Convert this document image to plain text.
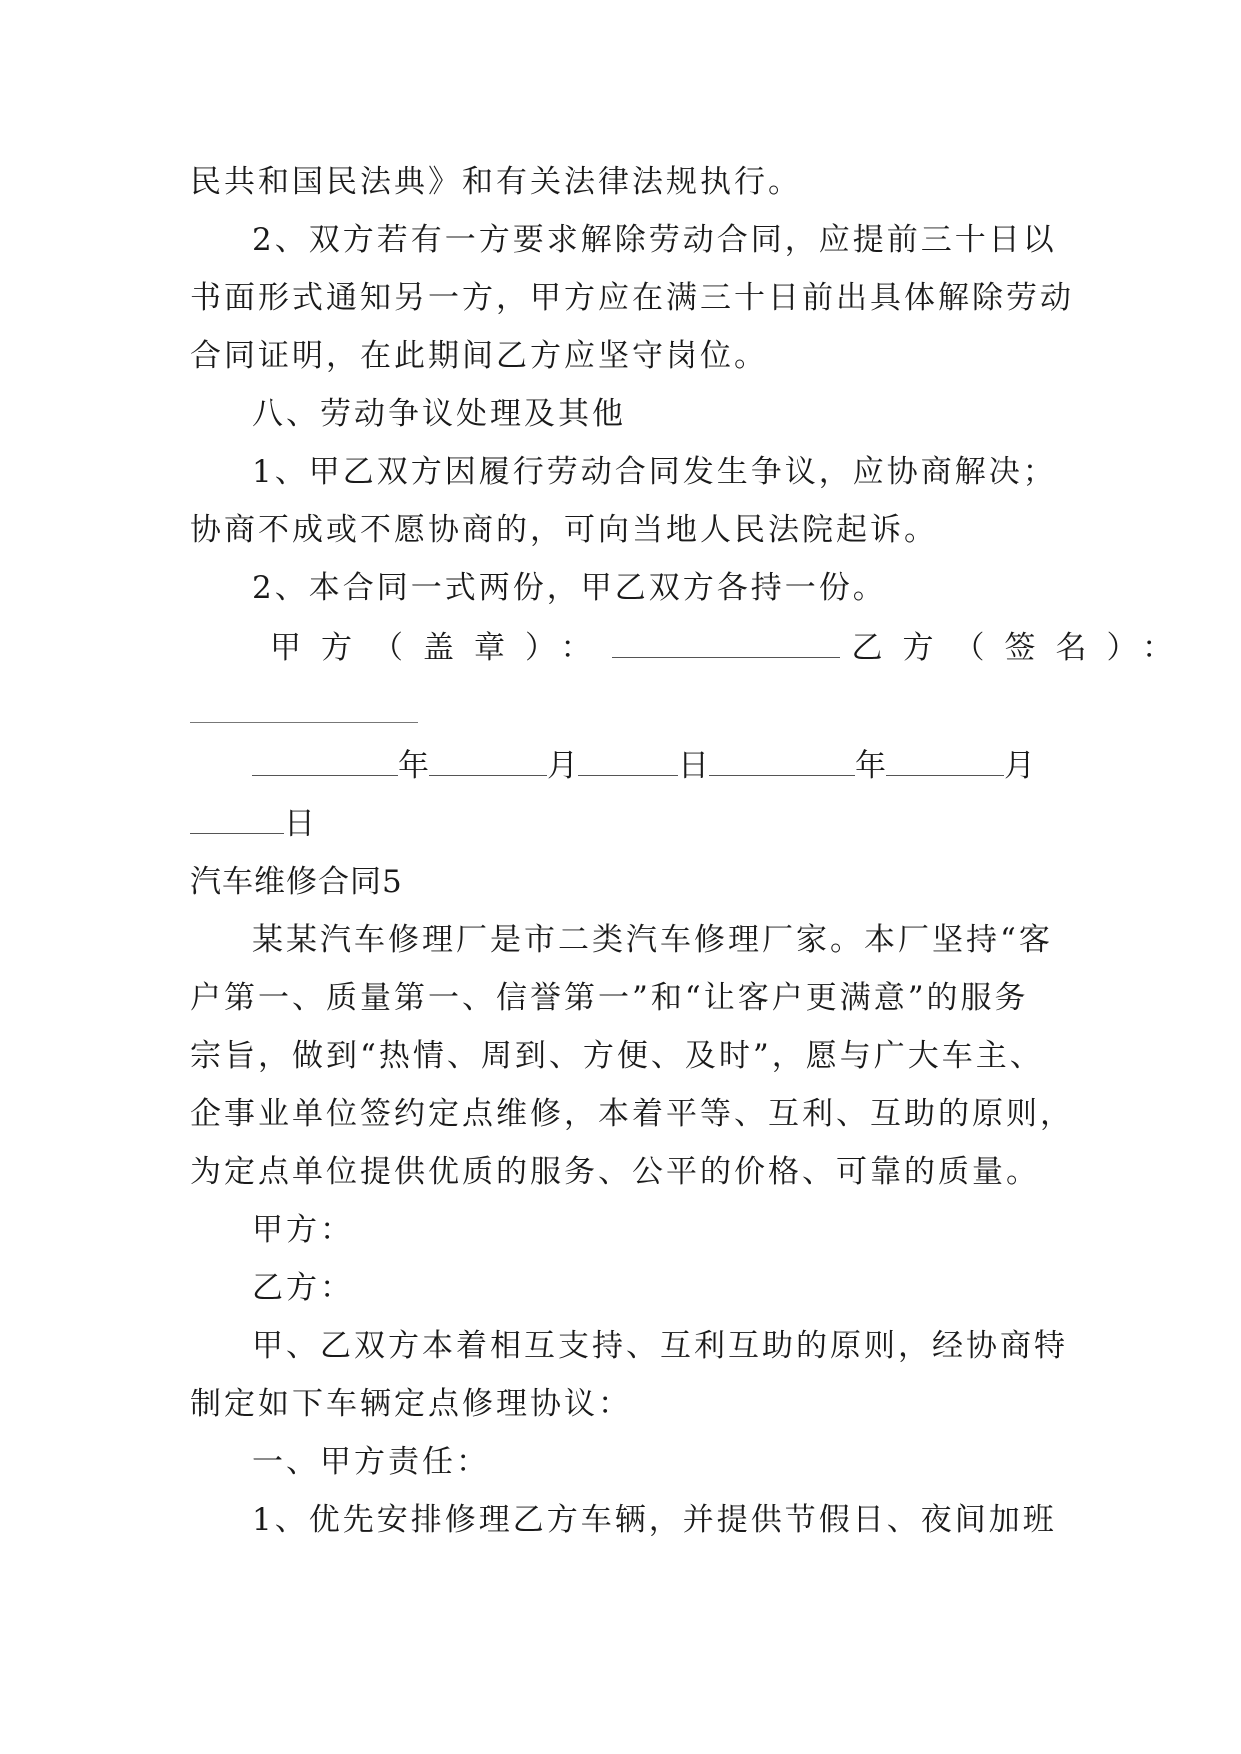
民共和国民法典》和有关法律法规执行。
2、双方若有一方要求解除劳动合同，应提前三十日以
书面形式通知另一方，甲方应在满三十日前出具体解除劳动
合同证明，在此期间乙方应坚守岗位。
八、劳动争议处理及其他
1、甲乙双方因履行劳动合同发生争议，应协商解决；
协商不成或不愿协商的，可向当地人民法院起诉。
2、本合同一式两份，甲乙双方各持一份。
甲方（盖章）：	乙方（签名）：
年	月	日	年	月
日
汽车维修合同5
某某汽车修理厂是市二类汽车修理厂家。本厂坚持“客
户第一、质量第一、信誉第一”和“让客户更满意”的服务
宗旨，做到“热情、周到、方便、及时”，愿与广大车主、
企事业单位签约定点维修，本着平等、互利、互助的原则，
为定点单位提供优质的服务、公平的价格、可靠的质量。
甲方：
乙方：
甲、乙双方本着相互支持、互利互助的原则，经协商特
制定如下车辆定点修理协议：
一、甲方责任：
1、优先安排修理乙方车辆，并提供节假日、夜间加班
